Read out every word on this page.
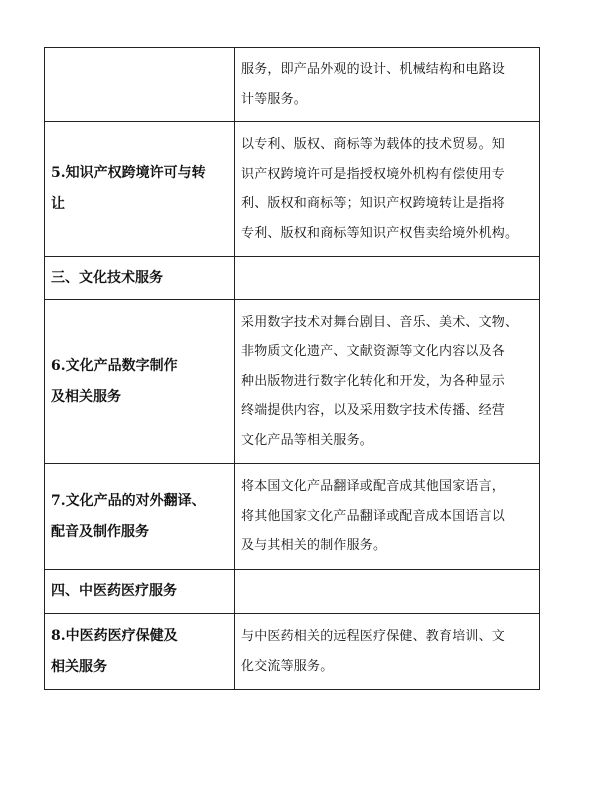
	服务，即产品外观的设计、机械结构和电路设
计等服务。

5.知识产权跨境许可与转
让	以专利、版权、商标等为载体的技术贸易。知
识产权跨境许可是指授权境外机构有偿使用专
利、版权和商标等；知识产权跨境转让是指将
专利、版权和商标等知识产权售卖给境外机构。

三、文化技术服务	

6.文化产品数字制作
及相关服务	采用数字技术对舞台剧目、音乐、美术、文物、
非物质文化遗产、文献资源等文化内容以及各
种出版物进行数字化转化和开发，为各种显示
终端提供内容，以及采用数字技术传播、经营
文化产品等相关服务。

7.文化产品的对外翻译、
配音及制作服务	将本国文化产品翻译或配音成其他国家语言，
将其他国家文化产品翻译或配音成本国语言以
及与其相关的制作服务。

四、中医药医疗服务	

8.中医药医疗保健及
相关服务	与中医药相关的远程医疗保健、教育培训、文
化交流等服务。
